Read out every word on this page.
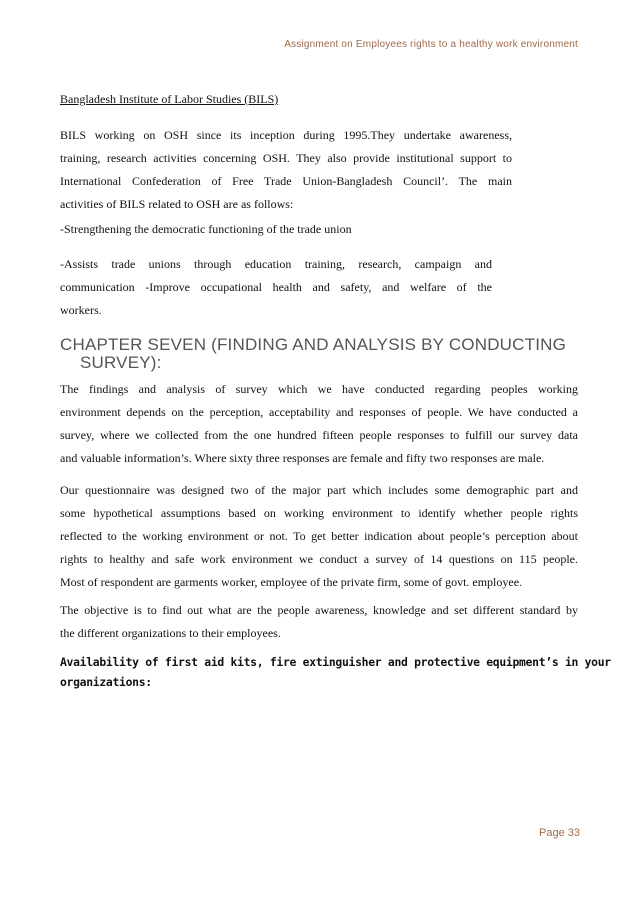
Assignment on Employees rights to a healthy work environment
Bangladesh Institute of Labor Studies (BILS)
BILS working on OSH since its inception during 1995.They undertake awareness,
training, research activities concerning OSH. They also provide institutional support to
International Confederation of Free Trade Union-Bangladesh Council’. The main
activities of BILS related to OSH are as follows:
-Strengthening the democratic functioning of the trade union
-Assists trade unions through education training, research, campaign and
communication -Improve occupational health and safety, and welfare of the
workers.
CHAPTER SEVEN (FINDING AND ANALYSIS BY CONDUCTING
SURVEY):
The findings and analysis of survey which we have conducted regarding peoples working
environment depends on the perception, acceptability and responses of people. We have conducted a
survey, where we collected from the one hundred fifteen people responses to fulfill our survey data
and valuable information’s. Where sixty three responses are female and fifty two responses are male.
Our questionnaire was designed two of the major part which includes some demographic part and
some hypothetical assumptions based on working environment to identify whether people rights
reflected to the working environment or not. To get better indication about people’s perception about
rights to healthy and safe work environment we conduct a survey of 14 questions on 115 people.
Most of respondent are garments worker, employee of the private firm, some of govt. employee.
The objective is to find out what are the people awareness, knowledge and set different standard by
the different organizations to their employees.
Availability of first aid kits, fire extinguisher and protective equipment’s in your
organizations:
Page 33
